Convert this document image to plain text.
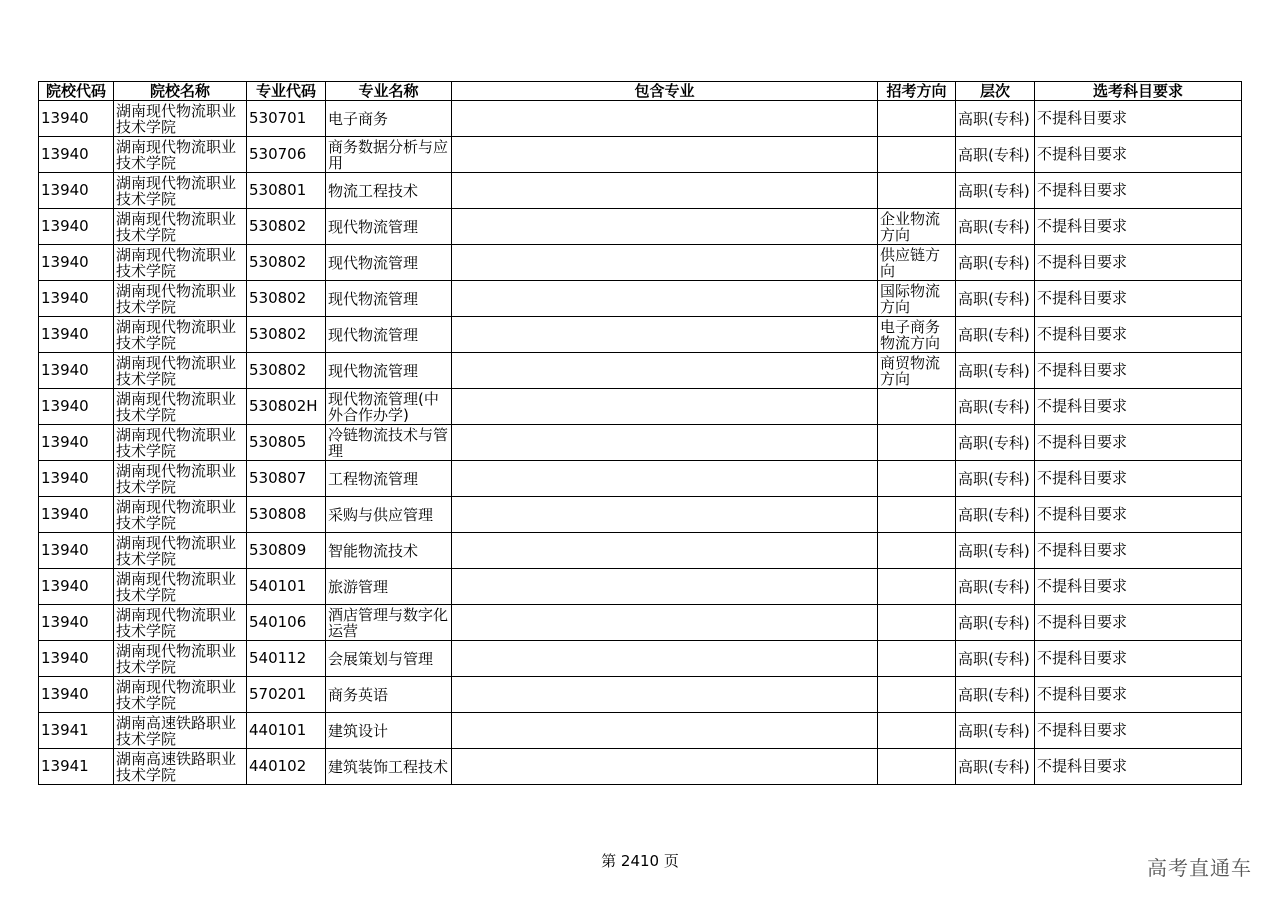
院校代码	院校名称	专业代码	专业名称	包含专业	招考方向	层次	选考科目要求
13940	湖南现代物流职业技术学院	530701	电子商务			高职(专科)	不提科目要求
13940	湖南现代物流职业技术学院	530706	商务数据分析与应用			高职(专科)	不提科目要求
13940	湖南现代物流职业技术学院	530801	物流工程技术			高职(专科)	不提科目要求
13940	湖南现代物流职业技术学院	530802	现代物流管理		企业物流方向	高职(专科)	不提科目要求
13940	湖南现代物流职业技术学院	530802	现代物流管理		供应链方向	高职(专科)	不提科目要求
13940	湖南现代物流职业技术学院	530802	现代物流管理		国际物流方向	高职(专科)	不提科目要求
13940	湖南现代物流职业技术学院	530802	现代物流管理		电子商务物流方向	高职(专科)	不提科目要求
13940	湖南现代物流职业技术学院	530802	现代物流管理		商贸物流方向	高职(专科)	不提科目要求
13940	湖南现代物流职业技术学院	530802H	现代物流管理(中外合作办学)			高职(专科)	不提科目要求
13940	湖南现代物流职业技术学院	530805	冷链物流技术与管理			高职(专科)	不提科目要求
13940	湖南现代物流职业技术学院	530807	工程物流管理			高职(专科)	不提科目要求
13940	湖南现代物流职业技术学院	530808	采购与供应管理			高职(专科)	不提科目要求
13940	湖南现代物流职业技术学院	530809	智能物流技术			高职(专科)	不提科目要求
13940	湖南现代物流职业技术学院	540101	旅游管理			高职(专科)	不提科目要求
13940	湖南现代物流职业技术学院	540106	酒店管理与数字化运营			高职(专科)	不提科目要求
13940	湖南现代物流职业技术学院	540112	会展策划与管理			高职(专科)	不提科目要求
13940	湖南现代物流职业技术学院	570201	商务英语			高职(专科)	不提科目要求
13941	湖南高速铁路职业技术学院	440101	建筑设计			高职(专科)	不提科目要求
13941	湖南高速铁路职业技术学院	440102	建筑装饰工程技术			高职(专科)	不提科目要求
第 2410 页	高考直通车
